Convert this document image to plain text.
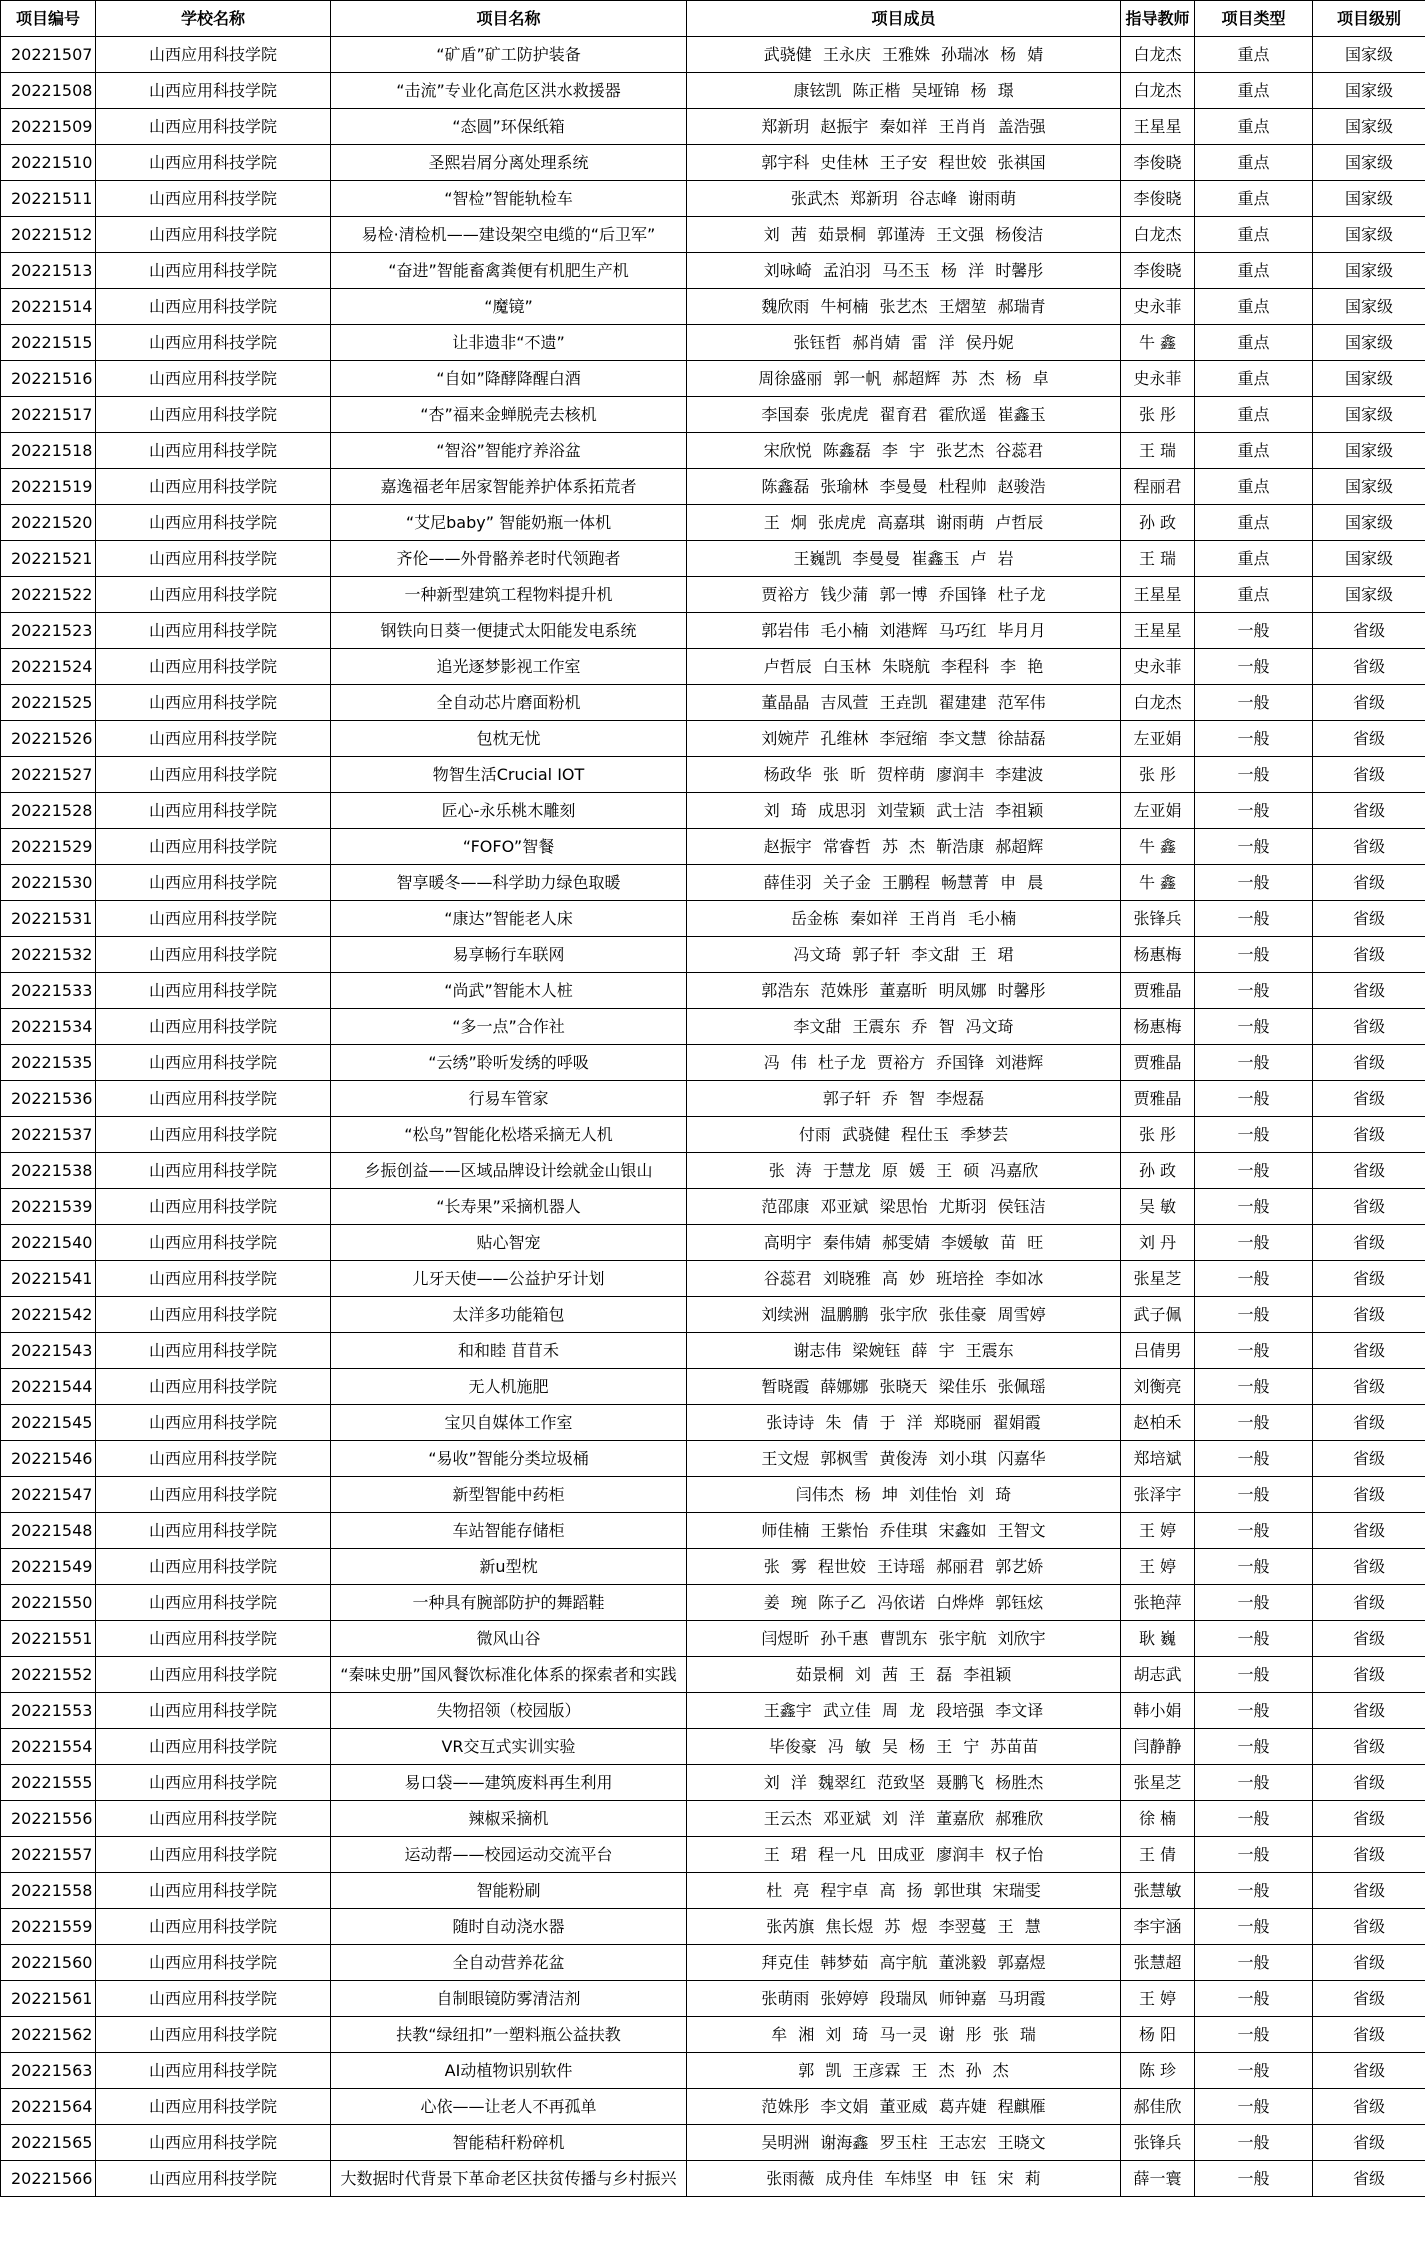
项目编号	学校名称	项目名称	项目成员	指导教师	项目类型	项目级别
20221507	山西应用科技学院	“矿盾”矿工防护装备	武骁健 王永庆 王雅姝 孙瑞冰 杨 婧	白龙杰	重点	国家级
20221508	山西应用科技学院	“击流”专业化高危区洪水救援器	康铉凯 陈正楷 吴垭锦 杨 璟	白龙杰	重点	国家级
20221509	山西应用科技学院	“态圆”环保纸箱	郑新玥 赵振宇 秦如祥 王肖肖 盖浩强	王星星	重点	国家级
20221510	山西应用科技学院	圣熙岩屑分离处理系统	郭宇科 史佳林 王子安 程世姣 张祺国	李俊晓	重点	国家级
20221511	山西应用科技学院	“智检”智能轨检车	张武杰 郑新玥 谷志峰 谢雨萌	李俊晓	重点	国家级
20221512	山西应用科技学院	易检·清检机——建设架空电缆的“后卫军”	刘 茜 茹景桐 郭谨涛 王文强 杨俊洁	白龙杰	重点	国家级
20221513	山西应用科技学院	“奋进”智能畜禽粪便有机肥生产机	刘咏崎 孟泊羽 马丕玉 杨 洋 时馨彤	李俊晓	重点	国家级
20221514	山西应用科技学院	“魔镜”	魏欣雨 牛柯楠 张艺杰 王熠堃 郝瑞青	史永菲	重点	国家级
20221515	山西应用科技学院	让非遗非“不遗”	张钰哲 郝肖婧 雷 洋 侯丹妮	牛 鑫	重点	国家级
20221516	山西应用科技学院	“自如”降酵降醒白酒	周徐盛丽 郭一帆 郝超辉 苏 杰 杨 卓	史永菲	重点	国家级
20221517	山西应用科技学院	“杏”福来金蝉脱壳去核机	李国泰 张虎虎 翟育君 霍欣遥 崔鑫玉	张 彤	重点	国家级
20221518	山西应用科技学院	“智浴”智能疗养浴盆	宋欣悦 陈鑫磊 李 宇 张艺杰 谷蕊君	王 瑞	重点	国家级
20221519	山西应用科技学院	嘉逸福老年居家智能养护体系拓荒者	陈鑫磊 张瑜林 李曼曼 杜程帅 赵骏浩	程丽君	重点	国家级
20221520	山西应用科技学院	“艾尼baby” 智能奶瓶一体机	王 炯 张虎虎 高嘉琪 谢雨萌 卢哲辰	孙 政	重点	国家级
20221521	山西应用科技学院	齐伦——外骨骼养老时代领跑者	王巍凯 李曼曼 崔鑫玉 卢 岩	王 瑞	重点	国家级
20221522	山西应用科技学院	一种新型建筑工程物料提升机	贾裕方 钱少蒲 郭一博 乔国锋 杜子龙	王星星	重点	国家级
20221523	山西应用科技学院	钢铁向日葵一便捷式太阳能发电系统	郭岩伟 毛小楠 刘港辉 马巧红 毕月月	王星星	一般	省级
20221524	山西应用科技学院	追光逐梦影视工作室	卢哲辰 白玉林 朱晓航 李程科 李 艳	史永菲	一般	省级
20221525	山西应用科技学院	全自动芯片磨面粉机	董晶晶 吉凤萱 王垚凯 翟建建 范军伟	白龙杰	一般	省级
20221526	山西应用科技学院	包枕无忧	刘婉芹 孔维林 李冠缩 李文慧 徐喆磊	左亚娟	一般	省级
20221527	山西应用科技学院	物智生活Crucial IOT	杨政华 张 昕 贺梓萌 廖润丰 李建波	张 彤	一般	省级
20221528	山西应用科技学院	匠心-永乐桃木雕刻	刘 琦 成思羽 刘莹颖 武士洁 李祖颖	左亚娟	一般	省级
20221529	山西应用科技学院	“FOFO”智餐	赵振宇 常睿哲 苏 杰 靳浩康 郝超辉	牛 鑫	一般	省级
20221530	山西应用科技学院	智享暖冬——科学助力绿色取暖	薛佳羽 关子金 王鹏程 畅慧菁 申 晨	牛 鑫	一般	省级
20221531	山西应用科技学院	“康达”智能老人床	岳金栋 秦如祥 王肖肖 毛小楠	张锋兵	一般	省级
20221532	山西应用科技学院	易享畅行车联网	冯文琦 郭子轩 李文甜 王 珺	杨惠梅	一般	省级
20221533	山西应用科技学院	“尚武”智能木人桩	郭浩东 范姝彤 董嘉昕 明凤娜 时馨彤	贾雅晶	一般	省级
20221534	山西应用科技学院	“多一点”合作社	李文甜 王震东 乔 智 冯文琦	杨惠梅	一般	省级
20221535	山西应用科技学院	“云绣”聆听发绣的呼吸	冯 伟 杜子龙 贾裕方 乔国锋 刘港辉	贾雅晶	一般	省级
20221536	山西应用科技学院	行易车管家	郭子轩 乔 智 李煜磊	贾雅晶	一般	省级
20221537	山西应用科技学院	“松鸟”智能化松塔采摘无人机	付雨 武骁健 程仕玉 季梦芸	张 彤	一般	省级
20221538	山西应用科技学院	乡振创益——区域品牌设计绘就金山银山	张 涛 于慧龙 原 媛 王 硕 冯嘉欣	孙 政	一般	省级
20221539	山西应用科技学院	“长寿果”采摘机器人	范邵康 邓亚斌 梁思怡 尤斯羽 侯钰洁	吴 敏	一般	省级
20221540	山西应用科技学院	贴心智宠	高明宇 秦伟婧 郝雯婧 李媛敏 苗 旺	刘 丹	一般	省级
20221541	山西应用科技学院	儿牙天使——公益护牙计划	谷蕊君 刘晓雅 高 妙 班培拴 李如冰	张星芝	一般	省级
20221542	山西应用科技学院	太洋多功能箱包	刘续洲 温鹏鹏 张宇欣 张佳豪 周雪婷	武子佩	一般	省级
20221543	山西应用科技学院	和和睦 苜苜禾	谢志伟 梁婉钰 薛 宇 王震东	吕倩男	一般	省级
20221544	山西应用科技学院	无人机施肥	暂晓霞 薛娜娜 张晓天 梁佳乐 张佩瑶	刘衡亮	一般	省级
20221545	山西应用科技学院	宝贝自媒体工作室	张诗诗 朱 倩 于 洋 郑晓丽 翟娟霞	赵柏禾	一般	省级
20221546	山西应用科技学院	“易收”智能分类垃圾桶	王文煜 郭枫雪 黄俊涛 刘小琪 闪嘉华	郑培斌	一般	省级
20221547	山西应用科技学院	新型智能中药柜	闫伟杰 杨 坤 刘佳怡 刘 琦	张泽宇	一般	省级
20221548	山西应用科技学院	车站智能存储柜	师佳楠 王紫怡 乔佳琪 宋鑫如 王智文	王 婷	一般	省级
20221549	山西应用科技学院	新u型枕	张 雾 程世姣 王诗瑶 郝丽君 郭艺娇	王 婷	一般	省级
20221550	山西应用科技学院	一种具有腕部防护的舞蹈鞋	姜 琬 陈子乙 冯依诺 白烨烨 郭钰炫	张艳萍	一般	省级
20221551	山西应用科技学院	微风山谷	闫煜昕 孙千惠 曹凯东 张宇航 刘欣宇	耿 巍	一般	省级
20221552	山西应用科技学院	“秦味史册”国风餐饮标准化体系的探索者和实践	茹景桐 刘 茜 王 磊 李祖颖	胡志武	一般	省级
20221553	山西应用科技学院	失物招领（校园版）	王鑫宇 武立佳 周 龙 段培强 李文译	韩小娟	一般	省级
20221554	山西应用科技学院	VR交互式实训实验	毕俊豪 冯 敏 吴 杨 王 宁 苏苗苗	闫静静	一般	省级
20221555	山西应用科技学院	易口袋——建筑废料再生利用	刘 洋 魏翠红 范致坚 聂鹏飞 杨胜杰	张星芝	一般	省级
20221556	山西应用科技学院	辣椒采摘机	王云杰 邓亚斌 刘 洋 董嘉欣 郝雅欣	徐 楠	一般	省级
20221557	山西应用科技学院	运动帮——校园运动交流平台	王 珺 程一凡 田成亚 廖润丰 权子怡	王 倩	一般	省级
20221558	山西应用科技学院	智能粉刷	杜 亮 程宇卓 高 扬 郭世琪 宋瑞雯	张慧敏	一般	省级
20221559	山西应用科技学院	随时自动浇水器	张芮旗 焦长煜 苏 煜 李翌蔓 王 慧	李宇涵	一般	省级
20221560	山西应用科技学院	全自动营养花盆	拜克佳 韩梦茹 高宇航 董洮毅 郭嘉煜	张慧超	一般	省级
20221561	山西应用科技学院	自制眼镜防雾清洁剂	张萌雨 张婷婷 段瑞凤 师钟嘉 马玥霞	王 婷	一般	省级
20221562	山西应用科技学院	扶教“绿纽扣”一塑料瓶公益扶教	牟 湘 刘 琦 马一灵 谢 彤 张 瑞	杨 阳	一般	省级
20221563	山西应用科技学院	AI动植物识别软件	郭 凯 王彦霖 王 杰 孙 杰	陈 珍	一般	省级
20221564	山西应用科技学院	心依——让老人不再孤单	范姝彤 李文娟 董亚威 葛卉婕 程麒雁	郝佳欣	一般	省级
20221565	山西应用科技学院	智能秸秆粉碎机	吴明洲 谢海鑫 罗玉柱 王志宏 王晓文	张锋兵	一般	省级
20221566	山西应用科技学院	大数据时代背景下革命老区扶贫传播与乡村振兴	张雨薇 成舟佳 车炜坚 申 钰 宋 莉	薛一寰	一般	省级
